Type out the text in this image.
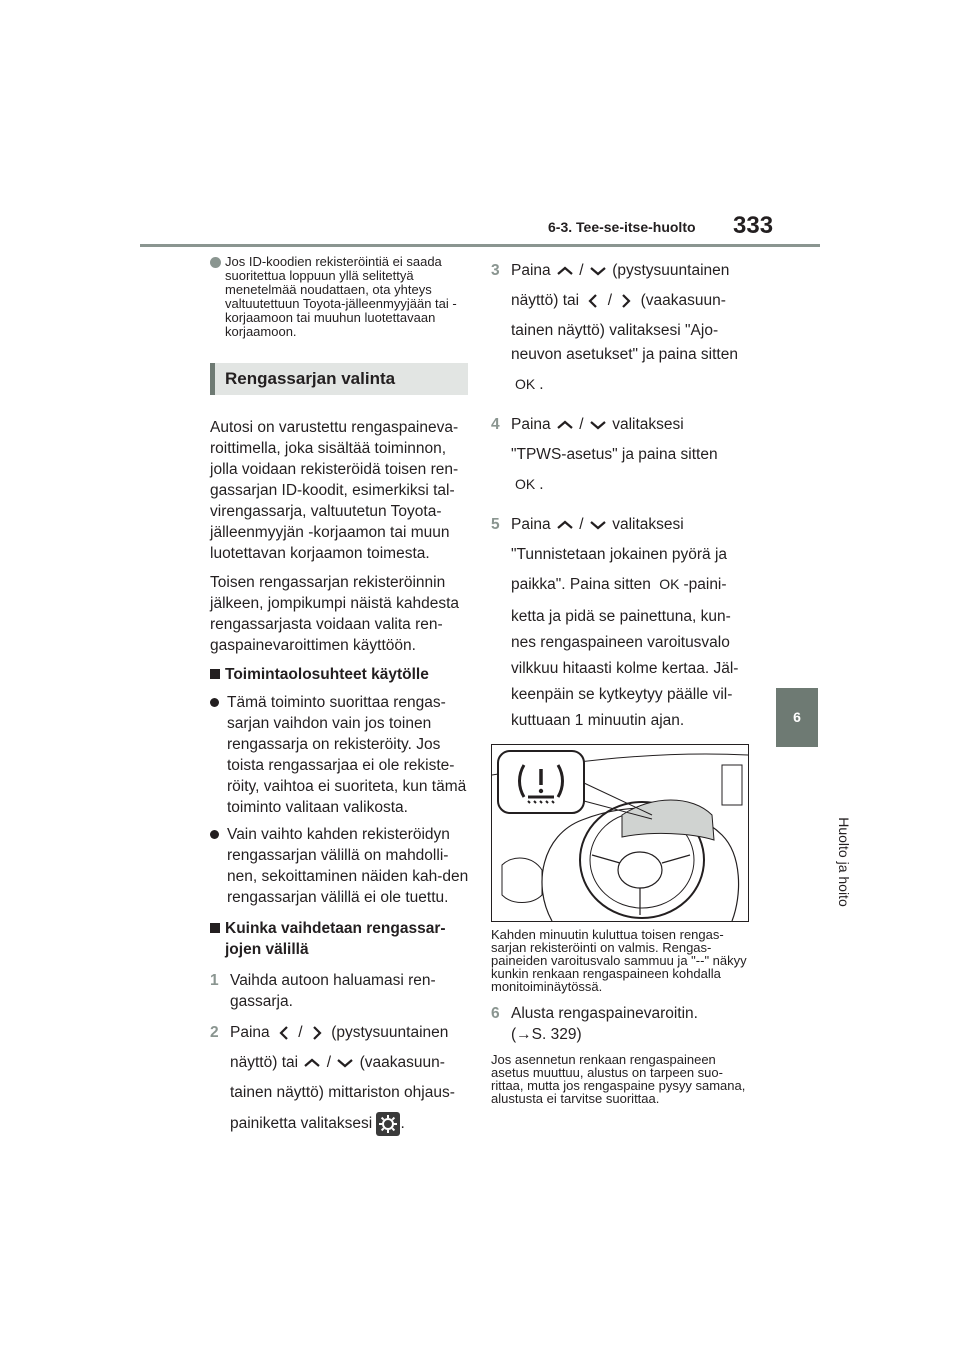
6-3. Tee-se-itse-huolto 333
6
Huolto ja hoito
Jos ID-koodien rekisteröintiä ei saada suoritettua loppuun yllä selitettyä menetelmää noudattaen, ota yhteys valtuutettuun Toyota-jälleenmyyjään tai -korjaamoon tai muuhun luotettavaan korjaamoon.
Rengassarjan valinta

Autosi on varustettu rengaspaineva-roittimella, joka sisältää toiminnon, jolla voidaan rekisteröidä toisen ren-gassarjan ID-koodit, esimerkiksi tal-virengassarja, valtuutetun Toyota-jälleenmyyjän -korjaamon tai muun luotettavan korjaamon toimesta.

Toisen rengassarjan rekisteröinnin jälkeen, jompikumpi näistä kahdesta rengassarjasta voidaan valita ren-gaspainevaroittimen käyttöön.

Toimintaolosuhteet käytölle
Tämä toiminto suorittaa rengas-sarjan vaihdon vain jos toinen rengassarja on rekisteröity. Jos toista rengassarjaa ei ole rekiste-röity, vaihtoa ei suoriteta, kun tämä toiminto valitaan valikosta.
Vain vaihto kahden rekisteröidyn rengassarjan välillä on mahdolli-nen, sekoittaminen näiden kah-den rengassarjan välillä ei ole tuettu.
Kuinka vaihdetaan rengassar-jojen välillä
1 Vaihda autoon haluamasi ren-gassarja.
2 Paina / (pystysuuntainen
näyttö) tai / (vaakasuun-
tainen näyttö) mittariston ohjaus-
painiketta valitaksesi .
3 Paina / (pystysuuntainen
näyttö) tai / (vaakasuun-
tainen näyttö) valitaksesi "Ajo-
neuvon asetukset" ja paina sitten
OK .
4 Paina / valitaksesi
"TPWS-asetus" ja paina sitten
OK .
5 Paina / valitaksesi
"Tunnistetaan jokainen pyörä ja
paikka". Paina sitten OK -paini-
ketta ja pidä se painettuna, kun-nes rengaspaineen varoitusvalo vilkkuu hitaasti kolme kertaa. Jäl-keenpäin se kytkeytyy päälle vil-kuttuaan 1 minuutin ajan.

Kahden minuutin kuluttua toisen rengas-sarjan rekisteröinti on valmis. Rengas-paineiden varoitusvalo sammuu ja "--" näkyy kunkin renkaan rengaspaineen kohdalla monitoiminäytössä.

6 Alusta rengaspainevaroitin.
(→S. 329)

Jos asennetun renkaan rengaspaineen asetus muuttuu, alustus on tarpeen suo-rittaa, mutta jos rengaspaine pysyy samana, alustusta ei tarvitse suorittaa.
